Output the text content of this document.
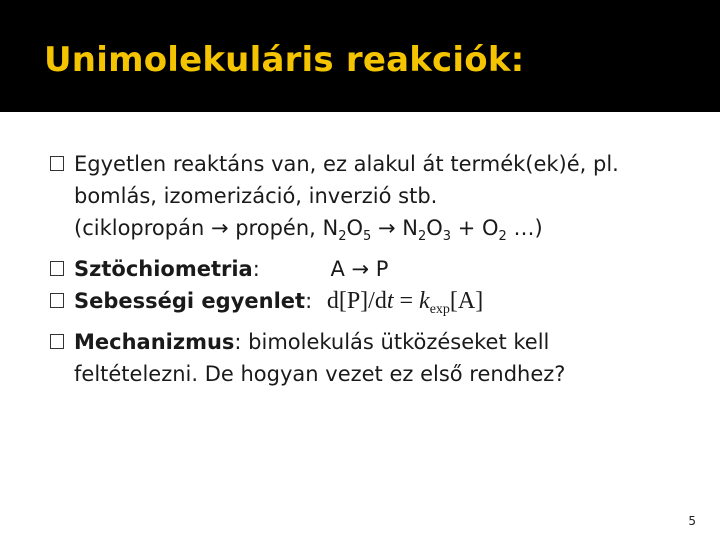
Unimolekuláris reakciók:
Egyetlen reaktáns van, ez alakul át termék(ek)é, pl.
bomlás, izomerizáció, inverzió stb.
(ciklopropán → propén, $N_2O_5 \to N_2O_3 + O_2$ …)
Sztöchiometria:	A → P
Sebességi egyenlet: $d[P]/dt = k_{exp}[A]$
Mechanizmus: bimolekulás ütközéseket kell
feltételezni. De hogyan vezet ez első rendhez?
5
